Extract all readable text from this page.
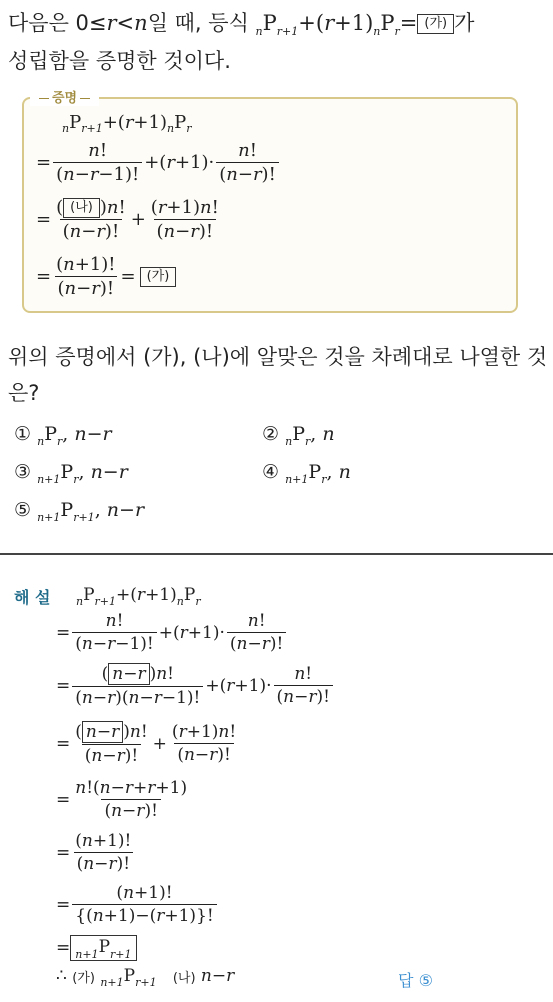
다음은 0≤r<n일 때, 등식 $_nP_{r+1}+(r+1)_nP_r=$ (가) 가
성립함을 증명한 것이다.
증명
n P r+1 +( r +1) n P r
= $\frac{n!}{(n-r-1)!}$ +( $r +1)\cdot \frac{n!}{(n-r)!}$
= $\frac{\text{( (나) )n!}}{(n-r)!} + \frac{(r+1)n!}{(n-r)!}$
= $\frac{(n+1)!}{(n-r)!}$ = (가)
위의 증명에서 (가), (나)에 알맞은 것을 차례대로 나열한 것
은?
① $_nP_r$, n−r	② $_nP_r$, n
③ $_{n+1}P_r$, n−r	④ $_{n+1}P_r$, n
⑤ $_{n+1}P_{r+1}$, n−r
해 설 n P r+1 +( r +1) n P r
= $\frac{n!}{(n-r-1)!}$ +( $r +1)\cdot \frac{n!}{(n-r)!}$
= $\frac{( n-r )n!}{(n-r)(n-r-1)!}$ +( $r +1)\cdot \frac{n!}{(n-r)!}$
= $\frac{( n-r )n!}{(n-r)!} + \frac{(r+1)n!}{(n-r)!}$
= $\frac{n!(n-r+r+1)}{(n-r)!}$
= $\frac{(n+1)!}{(n-r)!}$
= $\frac{(n+1)!}{\{(n+1)-(r+1)\}!}$
= $_{n+1}P_{r+1}$
∴
(가)
n+1 P r+1
(나)
n−r	답 ⑤
